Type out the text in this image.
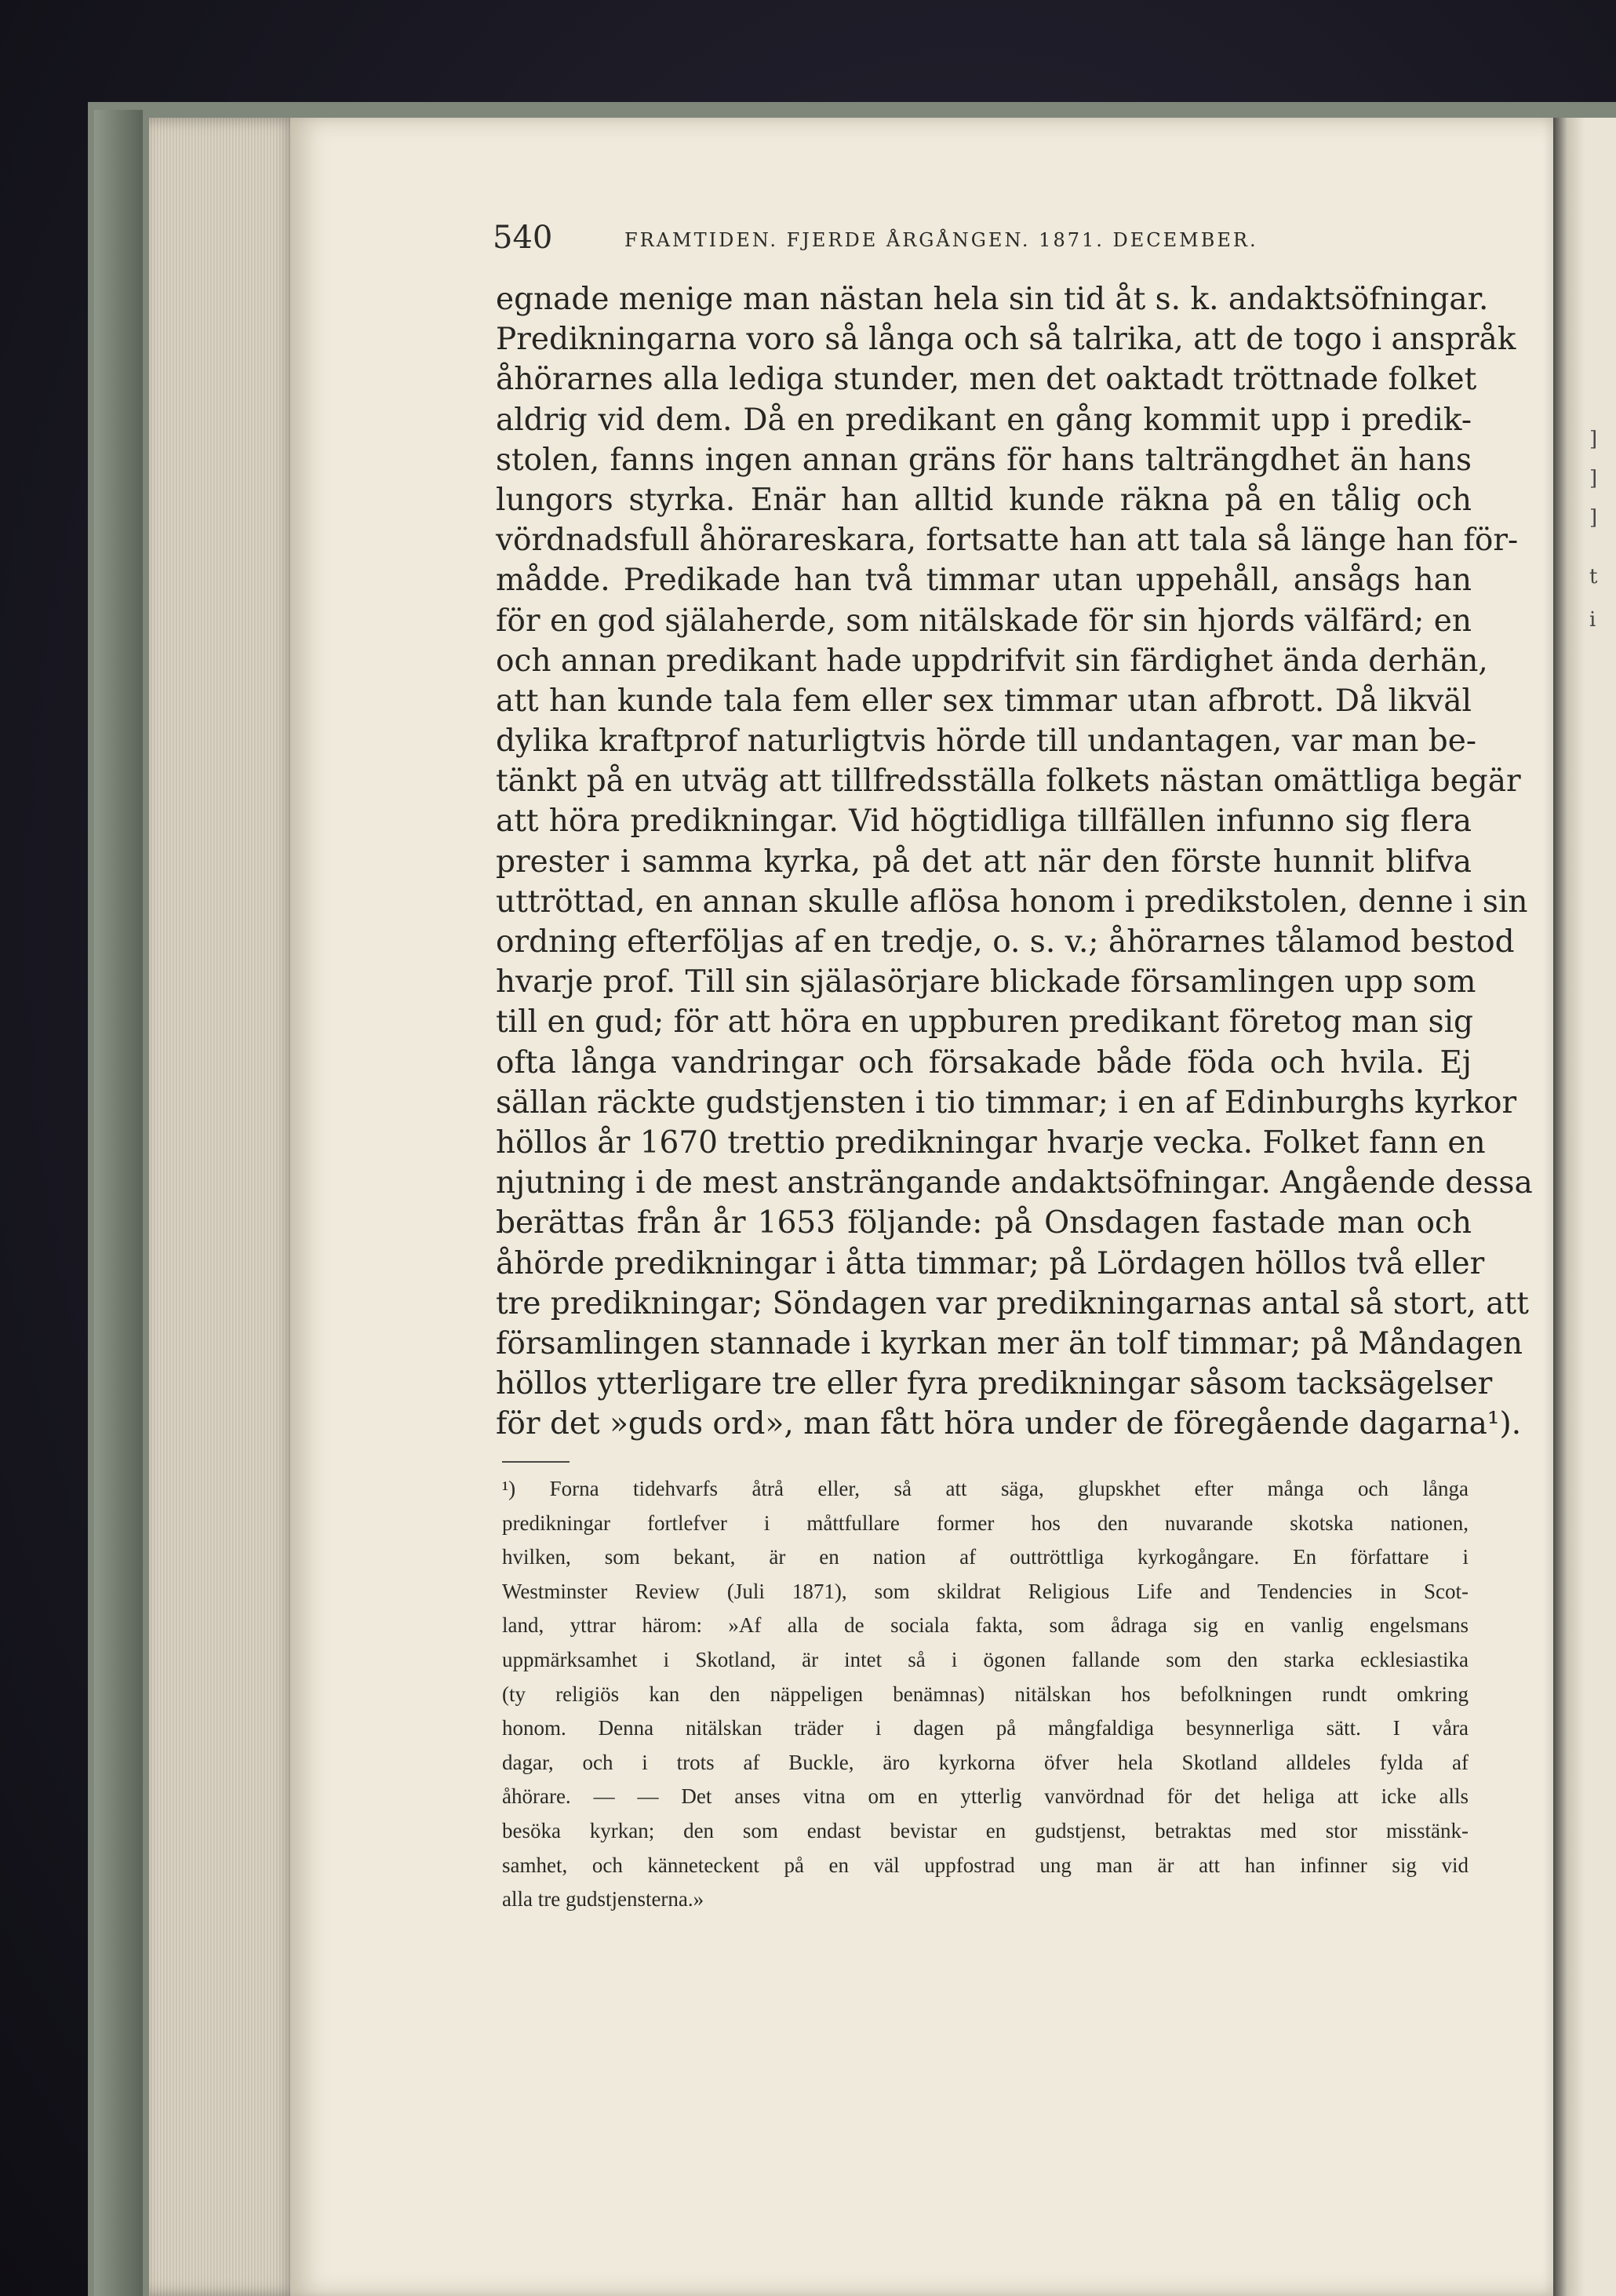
]
]
]
t
i
540	FRAMTIDEN. FJERDE ÅRGÅNGEN. 1871. DECEMBER.
egnade menige man nästan hela sin tid åt s. k. andaktsöfningar.
Predikningarna voro så långa och så talrika, att de togo i anspråk
åhörarnes alla lediga stunder, men det oaktadt tröttnade folket
aldrig vid dem. Då en predikant en gång kommit upp i predik-
stolen, fanns ingen annan gräns för hans talträngdhet än hans
lungors styrka. Enär han alltid kunde räkna på en tålig och
vördnadsfull åhörareskara, fortsatte han att tala så länge han för-
mådde. Predikade han två timmar utan uppehåll, ansågs han
för en god själaherde, som nitälskade för sin hjords välfärd; en
och annan predikant hade uppdrifvit sin färdighet ända derhän,
att han kunde tala fem eller sex timmar utan afbrott. Då likväl
dylika kraftprof naturligtvis hörde till undantagen, var man be-
tänkt på en utväg att tillfredsställa folkets nästan omättliga begär
att höra predikningar. Vid högtidliga tillfällen infunno sig flera
prester i samma kyrka, på det att när den förste hunnit blifva
uttröttad, en annan skulle aflösa honom i predikstolen, denne i sin
ordning efterföljas af en tredje, o. s. v.; åhörarnes tålamod bestod
hvarje prof. Till sin själasörjare blickade församlingen upp som
till en gud; för att höra en uppburen predikant företog man sig
ofta långa vandringar och försakade både föda och hvila. Ej
sällan räckte gudstjensten i tio timmar; i en af Edinburghs kyrkor
höllos år 1670 trettio predikningar hvarje vecka. Folket fann en
njutning i de mest ansträngande andaktsöfningar. Angående dessa
berättas från år 1653 följande: på Onsdagen fastade man och
åhörde predikningar i åtta timmar; på Lördagen höllos två eller
tre predikningar; Söndagen var predikningarnas antal så stort, att
församlingen stannade i kyrkan mer än tolf timmar; på Måndagen
höllos ytterligare tre eller fyra predikningar såsom tacksägelser
för det »guds ord», man fått höra under de föregående dagarna¹).
¹) Forna tidehvarfs åtrå eller, så att säga, glupskhet efter många och långa
predikningar fortlefver i måttfullare former hos den nuvarande skotska nationen,
hvilken, som bekant, är en nation af outtröttliga kyrkogångare. En författare i
Westminster Review (Juli 1871), som skildrat Religious Life and Tendencies in Scot-
land, yttrar härom: »Af alla de sociala fakta, som ådraga sig en vanlig engelsmans
uppmärksamhet i Skotland, är intet så i ögonen fallande som den starka ecklesiastika
(ty religiös kan den näppeligen benämnas) nitälskan hos befolkningen rundt omkring
honom. Denna nitälskan träder i dagen på mångfaldiga besynnerliga sätt. I våra
dagar, och i trots af Buckle, äro kyrkorna öfver hela Skotland alldeles fylda af
åhörare. — — Det anses vitna om en ytterlig vanvördnad för det heliga att icke alls
besöka kyrkan; den som endast bevistar en gudstjenst, betraktas med stor misstänk-
samhet, och känneteckent på en väl uppfostrad ung man är att han infinner sig vid
alla tre gudstjensterna.»
